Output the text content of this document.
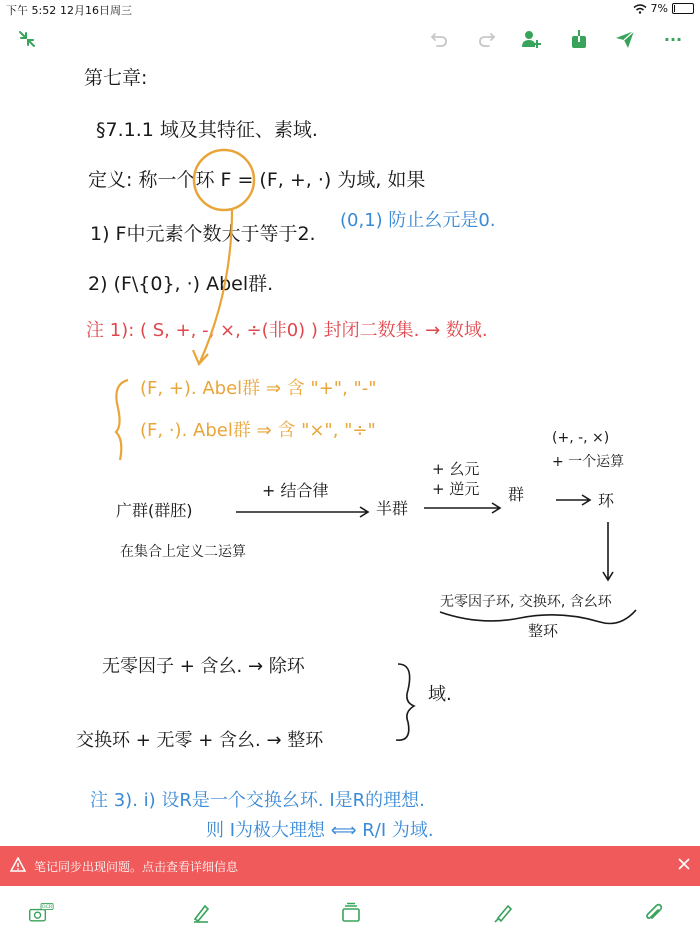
下午 5:52 12月16日周三	7%
···
第七章:
§7.1.1 域及其特征、素域.
定义: 称一个环 F = (F, +, ·) 为域, 如果
1) F中元素个数大于等于2.
2) (F\{0}, ·) Abel群.
(0,1) 防止幺元是0.
注 1): ( S, +, -, ×, ÷(非0) ) 封闭二数集. → 数域.
(F, +). Abel群 ⇒ 含 "+", "-"
(F, ·). Abel群 ⇒ 含 "×", "÷"
广群(群胚)
在集合上定义二运算
+ 结合律
半群
+ 幺元
+ 逆元 群
(+, -, ×)
+ 一个运算
环
无零因子环, 交换环, 含幺环
整环
无零因子 + 含幺. → 除环
交换环 + 无零 + 含幺. → 整环
域.
注 3). i) 设R是一个交换幺环. I是R的理想.
则 I为极大理想 ⟺ R/I 为域.
笔记同步出现问题。点击查看详细信息
OCR
